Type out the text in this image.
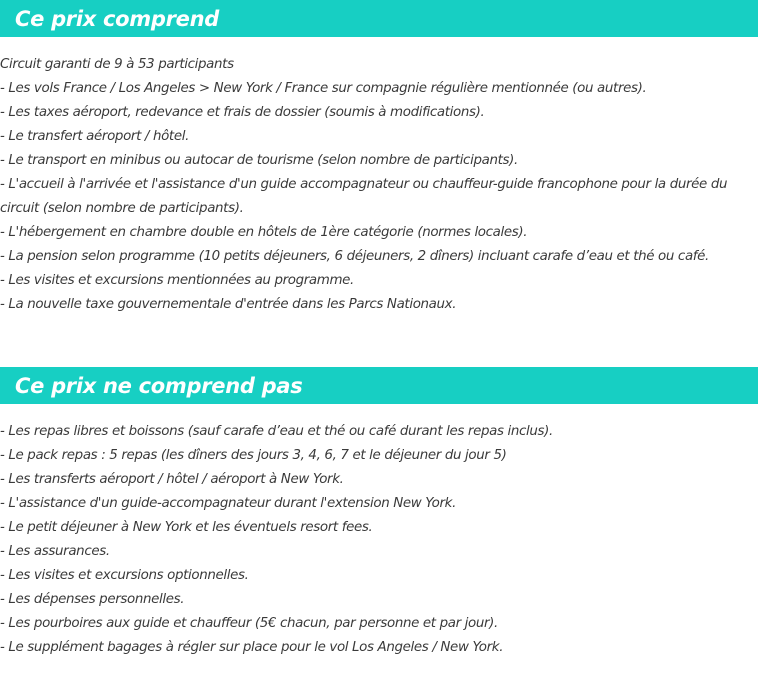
Ce prix comprend
Circuit garanti de 9 à 53 participants
- Les vols France / Los Angeles > New York / France sur compagnie régulière mentionnée (ou autres).
- Les taxes aéroport, redevance et frais de dossier (soumis à modifications).
- Le transfert aéroport / hôtel.
- Le transport en minibus ou autocar de tourisme (selon nombre de participants).
- L'accueil à l'arrivée et l'assistance d'un guide accompagnateur ou chauffeur-guide francophone pour la durée du circuit (selon nombre de participants).
- L'hébergement en chambre double en hôtels de 1ère catégorie (normes locales).
- La pension selon programme (10 petits déjeuners, 6 déjeuners, 2 dîners) incluant carafe d’eau et thé ou café.
- Les visites et excursions mentionnées au programme.
- La nouvelle taxe gouvernementale d'entrée dans les Parcs Nationaux.
Ce prix ne comprend pas
- Les repas libres et boissons (sauf carafe d’eau et thé ou café durant les repas inclus).
- Le pack repas : 5 repas (les dîners des jours 3, 4, 6, 7 et le déjeuner du jour 5)
- Les transferts aéroport / hôtel / aéroport à New York.
- L'assistance d'un guide-accompagnateur durant l'extension New York.
- Le petit déjeuner à New York et les éventuels resort fees.
- Les assurances.
- Les visites et excursions optionnelles.
- Les dépenses personnelles.
- Les pourboires aux guide et chauffeur (5€ chacun, par personne et par jour).
- Le supplément bagages à régler sur place pour le vol Los Angeles / New York.
